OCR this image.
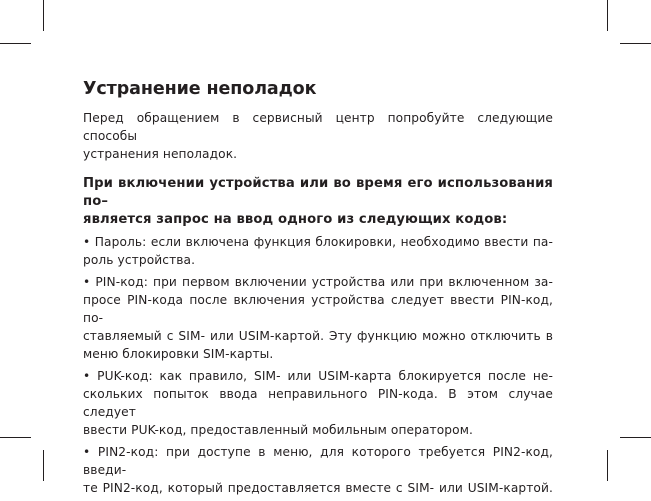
Устранение неполадок

Перед обращением в сервисный центр попробуйте следующие способы
устранения неполадок.

При включении устройства или во время его использования по–
является запрос на ввод одного из следующих кодов:

• Пароль: если включена функция блокировки, необходимо ввести па-
роль устройства.

• PIN-код: при первом включении устройства или при включенном за-
просе PIN-кода после включения устройства следует ввести PIN-код, по-
ставляемый с SIM- или USIM-картой. Эту функцию можно отключить в
меню блокировки SIM-карты.

• PUK-код: как правило, SIM- или USIM-карта блокируется после не-
скольких попыток ввода неправильного PIN-кода. В этом случае следует
ввести PUK-код, предоставленный мобильным оператором.

• PIN2-код: при доступе в меню, для которого требуется PIN2-код, введи-
те PIN2-код, который предоставляется вместе с SIM- или USIM-картой.
